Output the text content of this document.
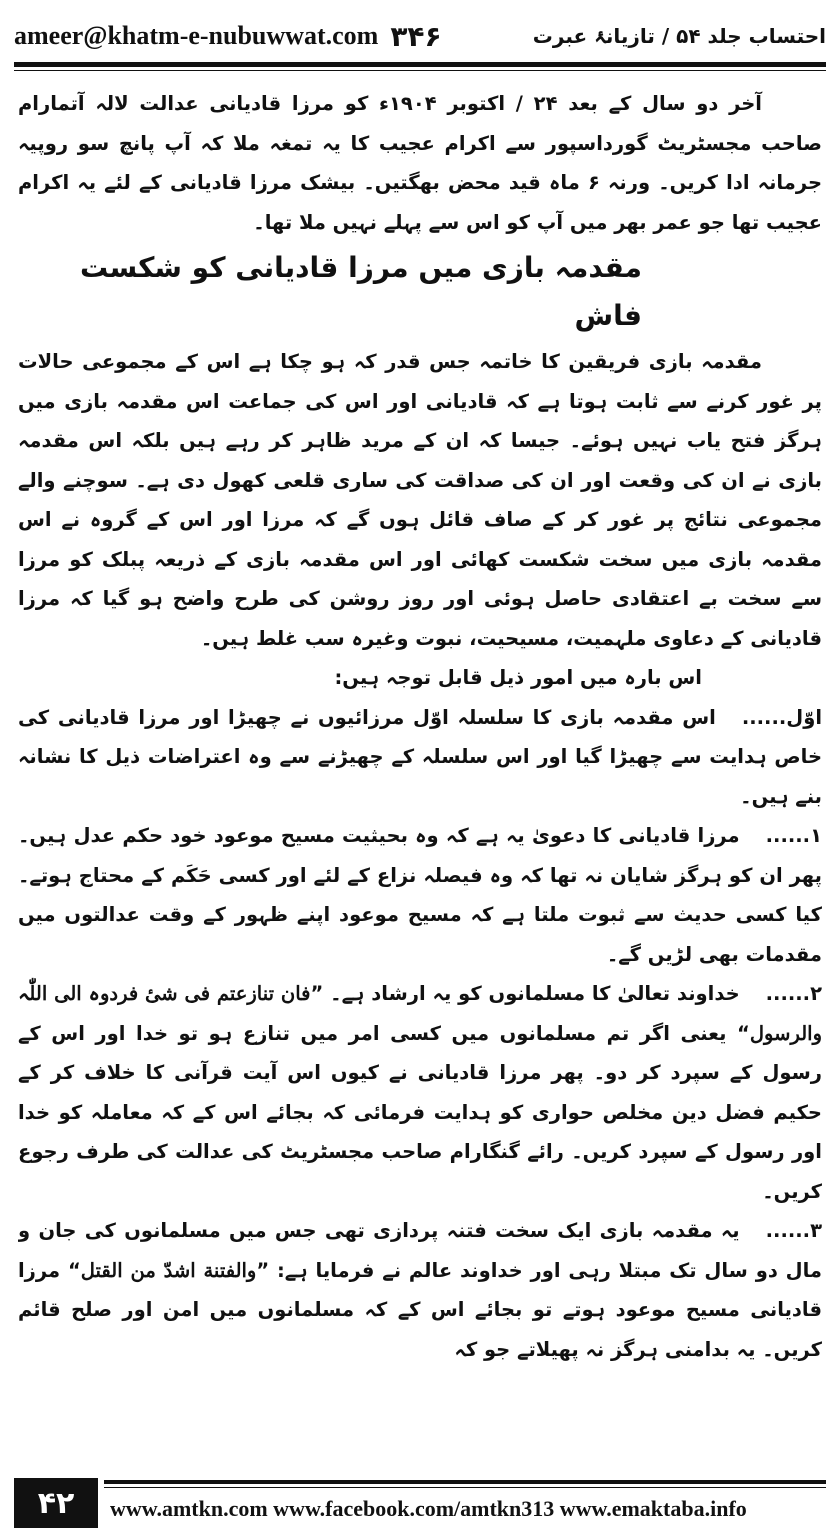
ameer@khatm-e-nubuwwat.com ۳۴۶	احتساب جلد ۵۴ / تازیانۂ عبرت

آخر دو سال کے بعد ۲۴ / اکتوبر ۱۹۰۴ء کو مرزا قادیانی عدالت لالہ آتمارام صاحب مجسٹریٹ گورداسپور سے اکرام عجیب کا یہ تمغہ ملا کہ آپ پانچ سو روپیہ جرمانہ ادا کریں۔ ورنہ ۶ ماہ قید محض بھگتیں۔ بیشک مرزا قادیانی کے لئے یہ اکرام عجیب تھا جو عمر بھر میں آپ کو اس سے پہلے نہیں ملا تھا۔

مقدمہ بازی میں مرزا قادیانی کو شکست فاش

مقدمہ بازی فریقین کا خاتمہ جس قدر کہ ہو چکا ہے اس کے مجموعی حالات پر غور کرنے سے ثابت ہوتا ہے کہ قادیانی اور اس کی جماعت اس مقدمہ بازی میں ہرگز فتح یاب نہیں ہوئے۔ جیسا کہ ان کے مرید ظاہر کر رہے ہیں بلکہ اس مقدمہ بازی نے ان کی وقعت اور ان کی صداقت کی ساری قلعی کھول دی ہے۔ سوچنے والے مجموعی نتائج پر غور کر کے صاف قائل ہوں گے کہ مرزا اور اس کے گروہ نے اس مقدمہ بازی میں سخت شکست کھائی اور اس مقدمہ بازی کے ذریعہ پبلک کو مرزا سے سخت بے اعتقادی حاصل ہوئی اور روز روشن کی طرح واضح ہو گیا کہ مرزا قادیانی کے دعاوی ملہمیت، مسیحیت، نبوت وغیرہ سب غلط ہیں۔

اس بارہ میں امور ذیل قابل توجہ ہیں:

اوّل......اس مقدمہ بازی کا سلسلہ اوّل مرزائیوں نے چھیڑا اور مرزا قادیانی کی خاص ہدایت سے چھیڑا گیا اور اس سلسلہ کے چھیڑنے سے وہ اعتراضات ذیل کا نشانہ بنے ہیں۔

۱......مرزا قادیانی کا دعویٰ یہ ہے کہ وہ بحیثیت مسیح موعود خود حکم عدل ہیں۔ پھر ان کو ہرگز شایان نہ تھا کہ وہ فیصلہ نزاع کے لئے اور کسی حَکَم کے محتاج ہوتے۔ کیا کسی حدیث سے ثبوت ملتا ہے کہ مسیح موعود اپنے ظہور کے وقت عدالتوں میں مقدمات بھی لڑیں گے۔

۲......خداوند تعالیٰ کا مسلمانوں کو یہ ارشاد ہے۔ ”فان تنازعتم فی شیٔ فردوہ الی اللّٰہ والرسول“ یعنی اگر تم مسلمانوں میں کسی امر میں تنازع ہو تو خدا اور اس کے رسول کے سپرد کر دو۔ پھر مرزا قادیانی نے کیوں اس آیت قرآنی کا خلاف کر کے حکیم فضل دین مخلص حواری کو ہدایت فرمائی کہ بجائے اس کے کہ معاملہ کو خدا اور رسول کے سپرد کریں۔ رائے گنگارام صاحب مجسٹریٹ کی عدالت کی طرف رجوع کریں۔

۳......یہ مقدمہ بازی ایک سخت فتنہ پردازی تھی جس میں مسلمانوں کی جان و مال دو سال تک مبتلا رہی اور خداوند عالم نے فرمایا ہے: ”والفتنة اشدّ من القتل“ مرزا قادیانی مسیح موعود ہوتے تو بجائے اس کے کہ مسلمانوں میں امن اور صلح قائم کریں۔ یہ بدامنی ہرگز نہ پھیلاتے جو کہ

۴۲	www.amtkn.com www.facebook.com/amtkn313 www.emaktaba.info
